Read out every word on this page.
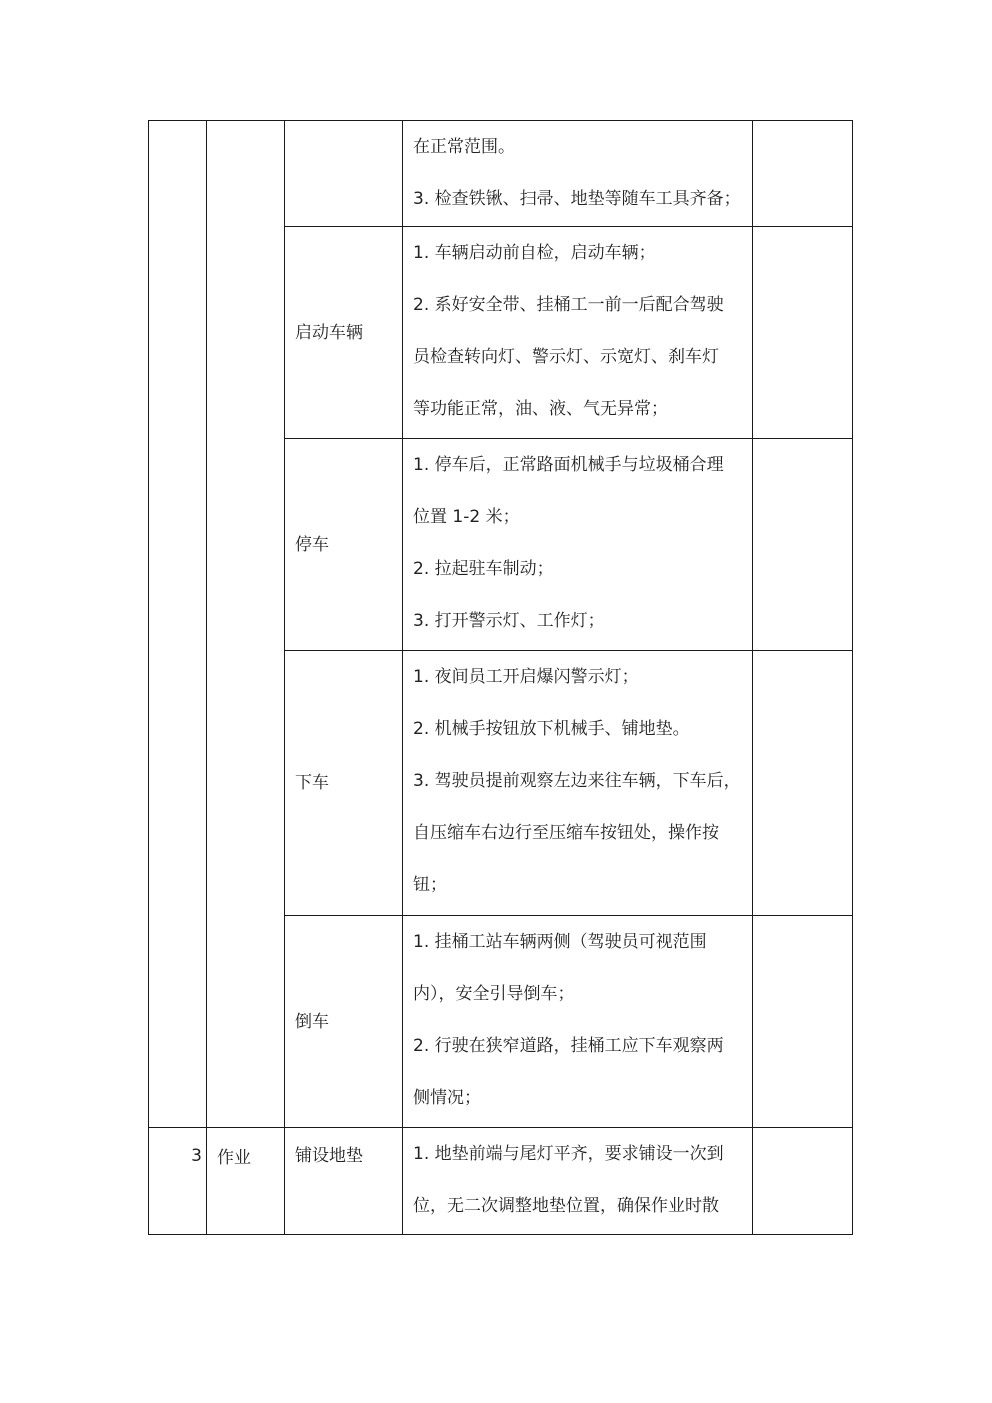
			在正常范围。
3. 检查铁锹、扫帚、地垫等随车工具齐备；	

		启动车辆	1. 车辆启动前自检，启动车辆；
2. 系好安全带、挂桶工一前一后配合驾驶
员检查转向灯、警示灯、示宽灯、刹车灯
等功能正常，油、液、气无异常；	

		停车	1. 停车后，正常路面机械手与垃圾桶合理
位置 1-2 米；
2. 拉起驻车制动；
3. 打开警示灯、工作灯；	

		下车	1. 夜间员工开启爆闪警示灯；
2. 机械手按钮放下机械手、铺地垫。
3. 驾驶员提前观察左边来往车辆，下车后，
自压缩车右边行至压缩车按钮处，操作按
钮；	

		倒车	1. 挂桶工站车辆两侧（驾驶员可视范围
内），安全引导倒车；
2. 行驶在狭窄道路，挂桶工应下车观察两
侧情况；	

3	作业	铺设地垫	1. 地垫前端与尾灯平齐，要求铺设一次到
位，无二次调整地垫位置，确保作业时散	
